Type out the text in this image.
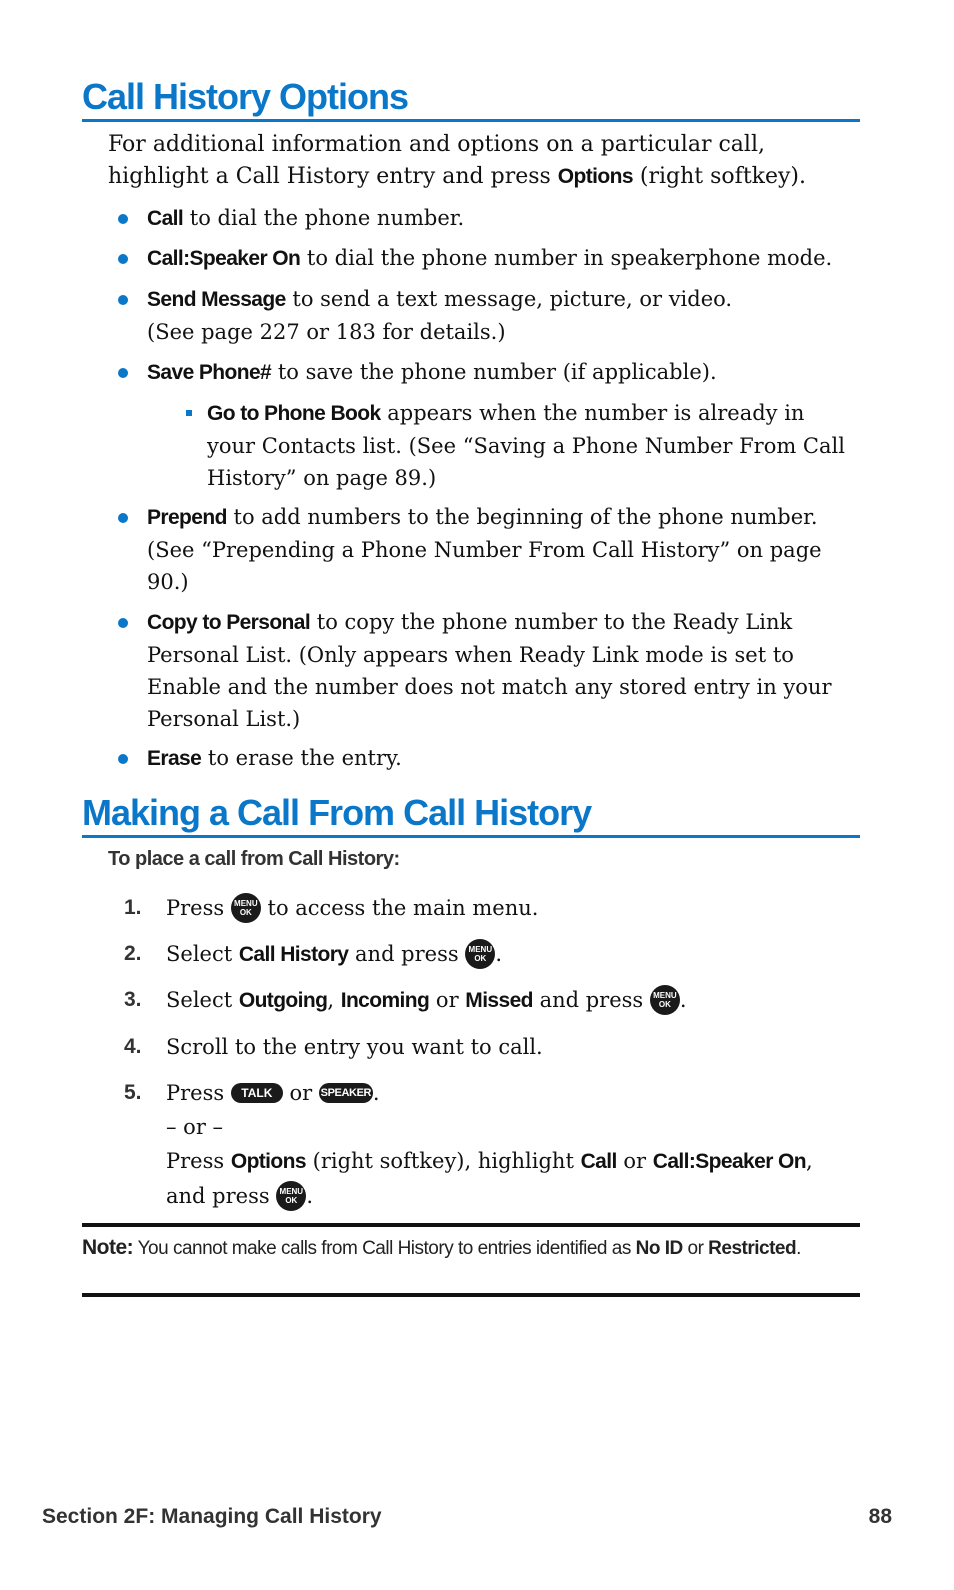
Call History Options

For additional information and options on a particular call, highlight a Call History entry and press Options (right softkey).

Call to dial the phone number.

Call:Speaker On to dial the phone number in speakerphone mode.

Send Message to send a text message, picture, or video. (See page 227 or 183 for details.)

Save Phone# to save the phone number (if applicable).

Go to Phone Book appears when the number is already in your Contacts list. (See “Saving a Phone Number From Call History” on page 89.)

Prepend to add numbers to the beginning of the phone number. (See “Prepending a Phone Number From Call History” on page 90.)

Copy to Personal to copy the phone number to the Ready Link Personal List. (Only appears when Ready Link mode is set to Enable and the number does not match any stored entry in your Personal List.)

Erase to erase the entry.

Making a Call From Call History
To place a call from Call History:

1. Press MENU
OK to access the main menu.

2. Select Call History and press MENU
OK .

3. Select Outgoing, Incoming or Missed and press MENU
OK .

4. Scroll to the entry you want to call.

5. Press TALK or SPEAKER.
– or –
Press Options (right softkey), highlight Call or Call:Speaker On, and press MENU
OK .

Note: You cannot make calls from Call History to entries identified as No ID or Restricted.

Section 2F: Managing Call History	88
